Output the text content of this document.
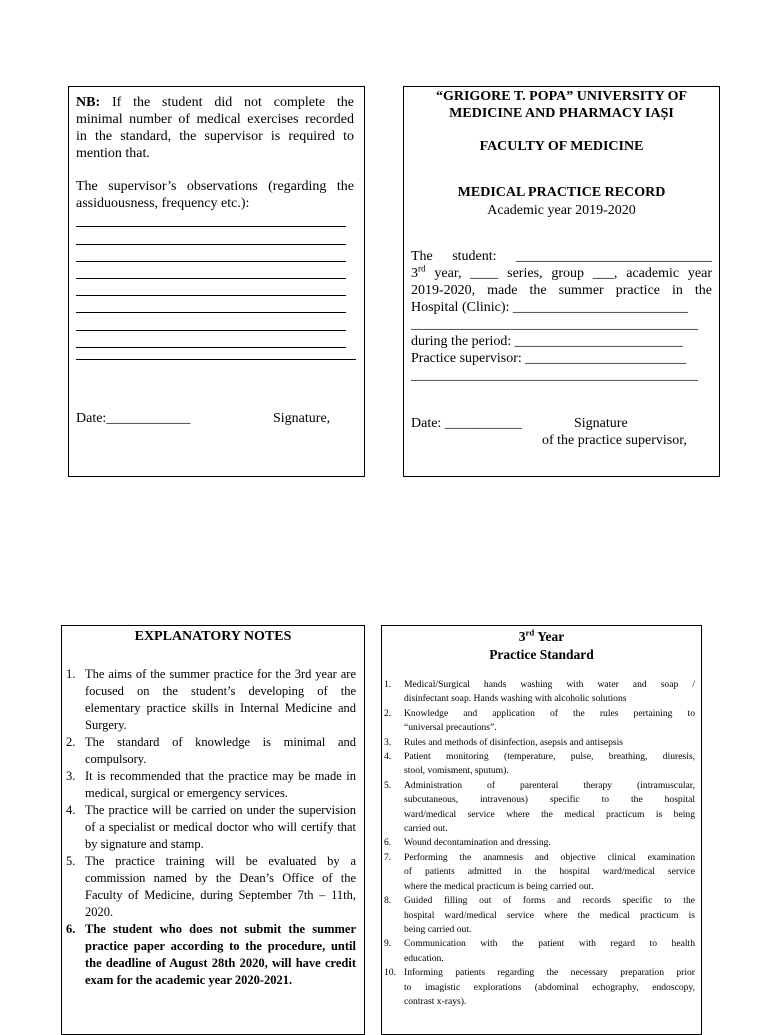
NB: If the student did not complete the
minimal number of medical exercises recorded
in the standard, the supervisor is required to
mention that.
The supervisor’s observations (regarding the
assiduousness, frequency etc.):
Date:____________	Signature,
“GRIGORE T. POPA” UNIVERSITY OF
MEDICINE AND PHARMACY IAȘI
FACULTY OF MEDICINE
MEDICAL PRACTICE RECORD
Academic year 2019-2020
The student: ____________________________
3rd year, ____ series, group ___, academic year
2019-2020, made the summer practice in the
Hospital (Clinic): _________________________
_________________________________________
during the period: ________________________
Practice supervisor: _______________________
_________________________________________
Date: ___________	Signature
of the practice supervisor,
EXPLANATORY NOTES
1. The aims of the summer practice for the 3rd year are
focused on the student’s developing of the
elementary practice skills in Internal Medicine and
Surgery.
2. The standard of knowledge is minimal and
compulsory.
3. It is recommended that the practice may be made in
medical, surgical or emergency services.
4. The practice will be carried on under the supervision
of a specialist or medical doctor who will certify that
by signature and stamp.
5. The practice training will be evaluated by a
commission named by the Dean’s Office of the
Faculty of Medicine, during September 7th – 11th,
2020.
6. The student who does not submit the summer
practice paper according to the procedure, until
the deadline of August 28th 2020, will have credit
exam for the academic year 2020-2021.
3rd Year
Practice Standard
1. Medical/Surgical hands washing with water and soap /
disinfectant soap. Hands washing with alcoholic solutions
2. Knowledge and application of the rules pertaining to
“universal precautions”.
3. Rules and methods of disinfection, asepsis and antisepsis
4. Patient monitoring (temperature, pulse, breathing, diuresis,
stool, vomisment, sputum).
5. Administration of parenteral therapy (intramuscular,
subcutaneous, intravenous) specific to the hospital
ward/medical service where the medical practicum is being
carried out.
6. Wound decontamination and dressing.
7. Performing the anamnesis and objective clinical examination
of patients admitted in the hospital ward/medical service
where the medical practicum is being carried out.
8. Guided filling out of forms and records specific to the
hospital ward/medical service where the medical practicum is
being carried out.
9. Communication with the patient with regard to health
education.
10. Informing patients regarding the necessary preparation prior
to imagistic explorations (abdominal echography, endoscopy,
contrast x-rays).
